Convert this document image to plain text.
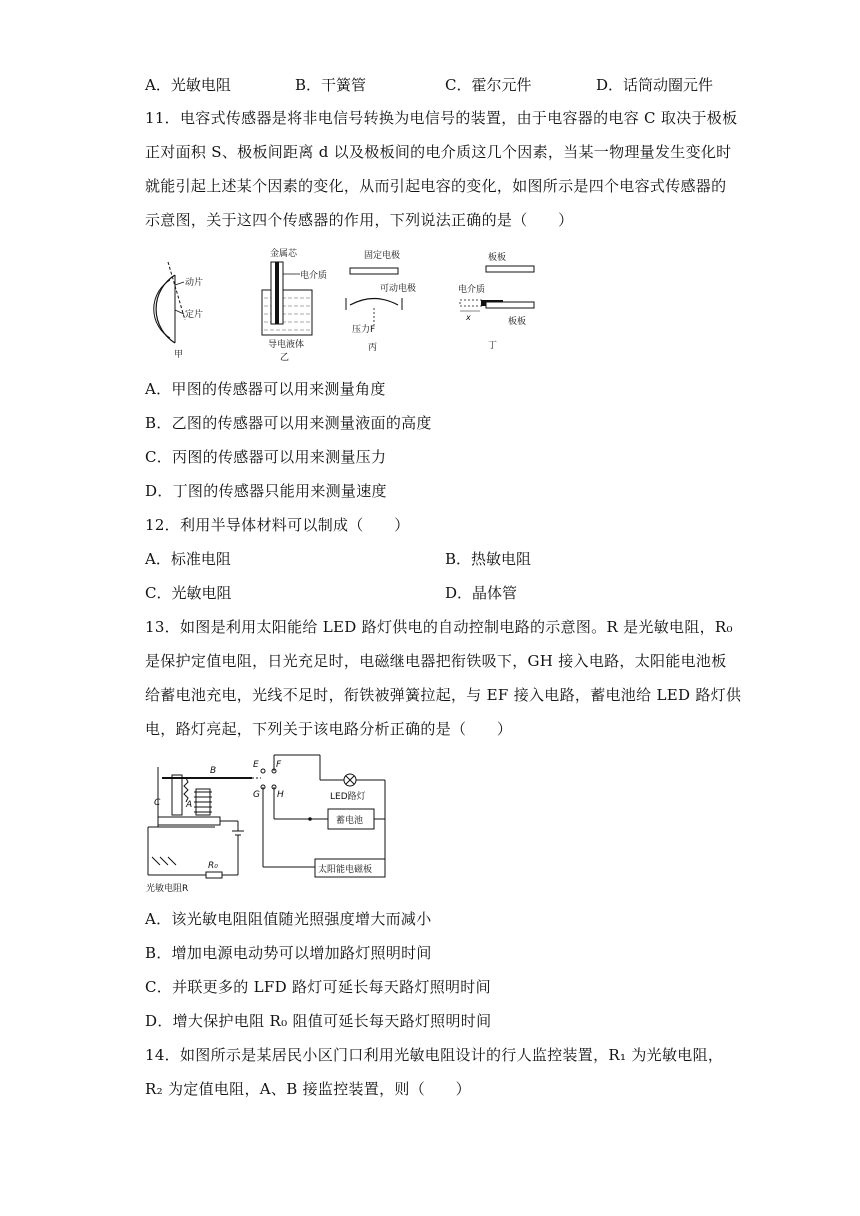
A．光敏电阻	B．干簧管	C．霍尔元件	D．话筒动圈元件
11．电容式传感器是将非电信号转换为电信号的装置，由于电容器的电容 C 取决于极板
正对面积 S、极板间距离 d 以及极板间的电介质这几个因素，当某一物理量发生变化时
就能引起上述某个因素的变化，从而引起电容的变化，如图所示是四个电容式传感器的
示意图，关于这四个传感器的作用，下列说法正确的是（　　）
动片
定片
甲
金属芯
电介质
导电液体
乙
固定电极
可动电极
压力F
丙
板板
电介质
x	板板
丁
A．甲图的传感器可以用来测量角度
B．乙图的传感器可以用来测量液面的高度
C．丙图的传感器可以用来测量压力
D．丁图的传感器只能用来测量速度
12．利用半导体材料可以制成（　　）
A．标准电阻	B．热敏电阻
C．光敏电阻	D．晶体管
13．如图是利用太阳能给 LED 路灯供电的自动控制电路的示意图。R 是光敏电阻，R₀
是保护定值电阻，日光充足时，电磁继电器把衔铁吸下，GH 接入电路，太阳能电池板
给蓄电池充电，光线不足时，衔铁被弹簧拉起，与 EF 接入电路，蓄电池给 LED 路灯供
电，路灯亮起，下列关于该电路分析正确的是（　　）
B
E F
G H
C	A
LED路灯
蓄电池
太阳能电磁板
R₀
光敏电阻R
A．该光敏电阻阻值随光照强度增大而减小
B．增加电源电动势可以增加路灯照明时间
C．并联更多的 LFD 路灯可延长每天路灯照明时间
D．增大保护电阻 R₀ 阻值可延长每天路灯照明时间
14．如图所示是某居民小区门口利用光敏电阻设计的行人监控装置，R₁ 为光敏电阻，
R₂ 为定值电阻，A、B 接监控装置，则（　　）
